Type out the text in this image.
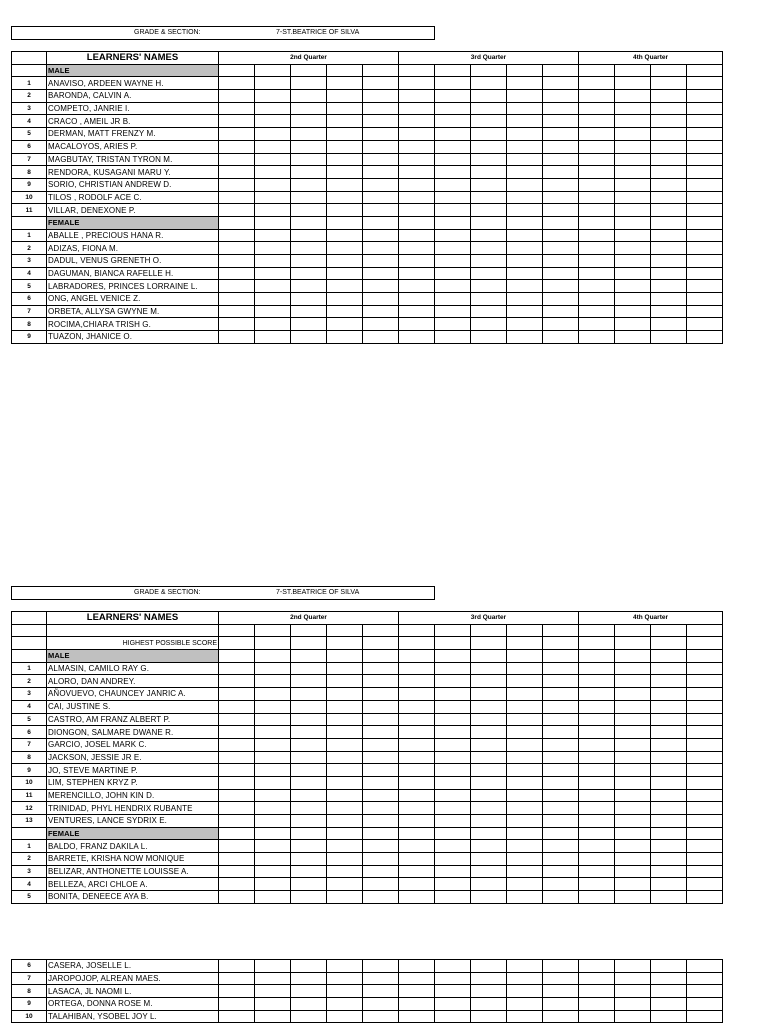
GRADE & SECTION:	7-ST.BEATRICE OF SILVA
	LEARNERS' NAMES	2nd Quarter					3rd Quarter					4th Quarter			
	MALE														
1	ANAVISO, ARDEEN WAYNE H.														
2	BARONDA, CALVIN A.														
3	COMPETO, JANRIE I.														
4	CRACO , AMEIL JR B.														
5	DERMAN, MATT FRENZY M.														
6	MACALOYOS, ARIES P.														
7	MAGBUTAY, TRISTAN TYRON M.														
8	RENDORA, KUSAGANI MARU Y.														
9	SORIO, CHRISTIAN ANDREW D.														
10	TILOS , RODOLF ACE C.														
11	VILLAR, DENEXONE P.														
	FEMALE														
1	ABALLE , PRECIOUS HANA R.														
2	ADIZAS, FIONA M.														
3	DADUL, VENUS GRENETH O.														
4	DAGUMAN, BIANCA RAFELLE H.														
5	LABRADORES, PRINCES LORRAINE L.														
6	ONG, ANGEL VENICE Z.														
7	ORBETA, ALLYSA GWYNE M.														
8	ROCIMA,CHIARA TRISH G.														
9	TUAZON, JHANICE O.														
GRADE & SECTION:	7-ST.BEATRICE OF SILVA
	LEARNERS' NAMES	2nd Quarter					3rd Quarter					4th Quarter			

	HIGHEST POSSIBLE SCORE														
	MALE														
1	ALMASIN, CAMILO RAY G.														
2	ALORO, DAN ANDREY.														
3	AÑOVUEVO, CHAUNCEY JANRIC A.														
4	CAI, JUSTINE S.														
5	CASTRO, AM FRANZ ALBERT P.														
6	DIONGON, SALMARE DWANE R.														
7	GARCIO, JOSEL MARK C.														
8	JACKSON, JESSIE JR E.														
9	JO, STEVE MARTINE P.														
10	LIM, STEPHEN KRYZ P.														
11	MERENCILLO, JOHN KIN D.														
12	TRINIDAD, PHYL HENDRIX RUBANTE														
13	VENTURES, LANCE SYDRIX E.														
	FEMALE														
1	BALDO, FRANZ DAKILA L.														
2	BARRETE, KRISHA NOW MONIQUE														
3	BELIZAR, ANTHONETTE LOUISSE A.														
4	BELLEZA, ARCI CHLOE A.														
5	BONITA, DENEECE AYA B.														
6	CASERA, JOSELLE L.														
7	JAROPOJOP, ALREAN MAES.														
8	LASACA, JL NAOMI L.														
9	ORTEGA, DONNA ROSE M.														
10	TALAHIBAN, YSOBEL JOY L.														
